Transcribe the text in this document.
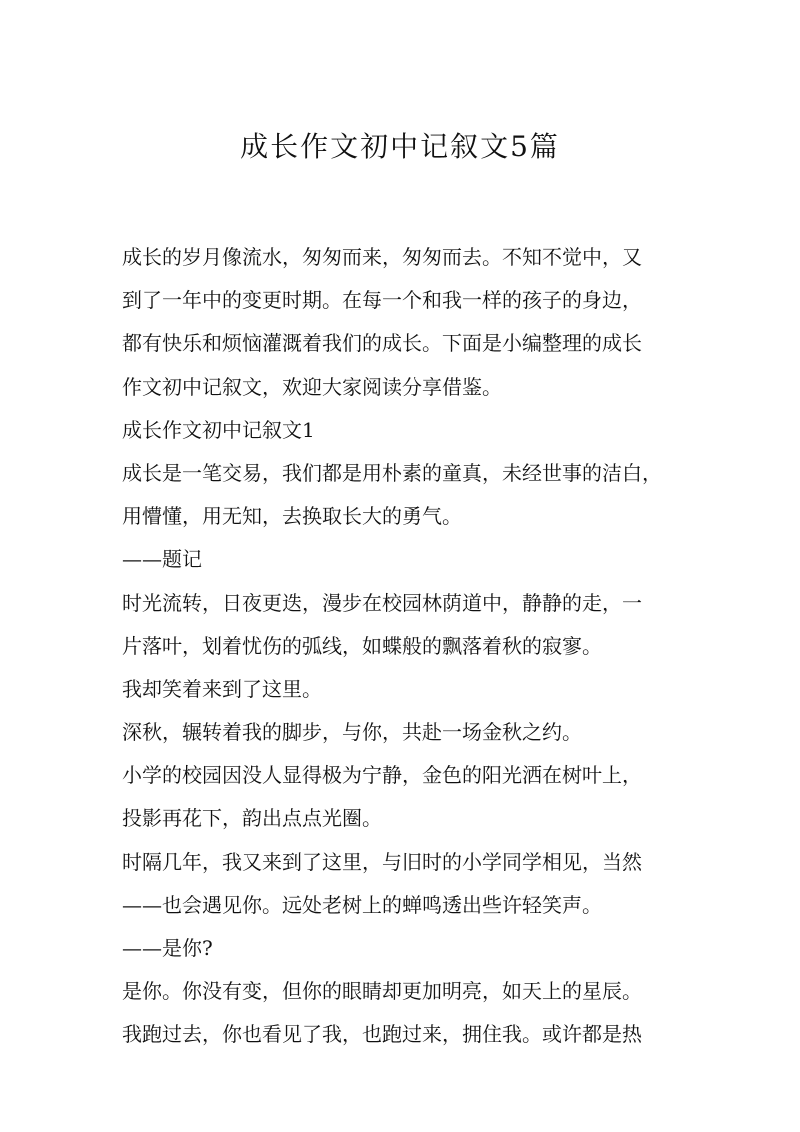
成长作文初中记叙文5篇
成长的岁月像流水，匆匆而来，匆匆而去。不知不觉中，又
到了一年中的变更时期。在每一个和我一样的孩子的身边，
都有快乐和烦恼灌溉着我们的成长。下面是小编整理的成长
作文初中记叙文，欢迎大家阅读分享借鉴。
成长作文初中记叙文1
成长是一笔交易，我们都是用朴素的童真，未经世事的洁白，
用懵懂，用无知，去换取长大的勇气。
——题记
时光流转，日夜更迭，漫步在校园林荫道中，静静的走，一
片落叶，划着忧伤的弧线，如蝶般的飘落着秋的寂寥。
我却笑着来到了这里。
深秋，辗转着我的脚步，与你，共赴一场金秋之约。
小学的校园因没人显得极为宁静，金色的阳光洒在树叶上，
投影再花下，韵出点点光圈。
时隔几年，我又来到了这里，与旧时的小学同学相见，当然
——也会遇见你。远处老树上的蝉鸣透出些许轻笑声。
——是你?
是你。你没有变，但你的眼睛却更加明亮，如天上的星辰。
我跑过去，你也看见了我，也跑过来，拥住我。或许都是热
